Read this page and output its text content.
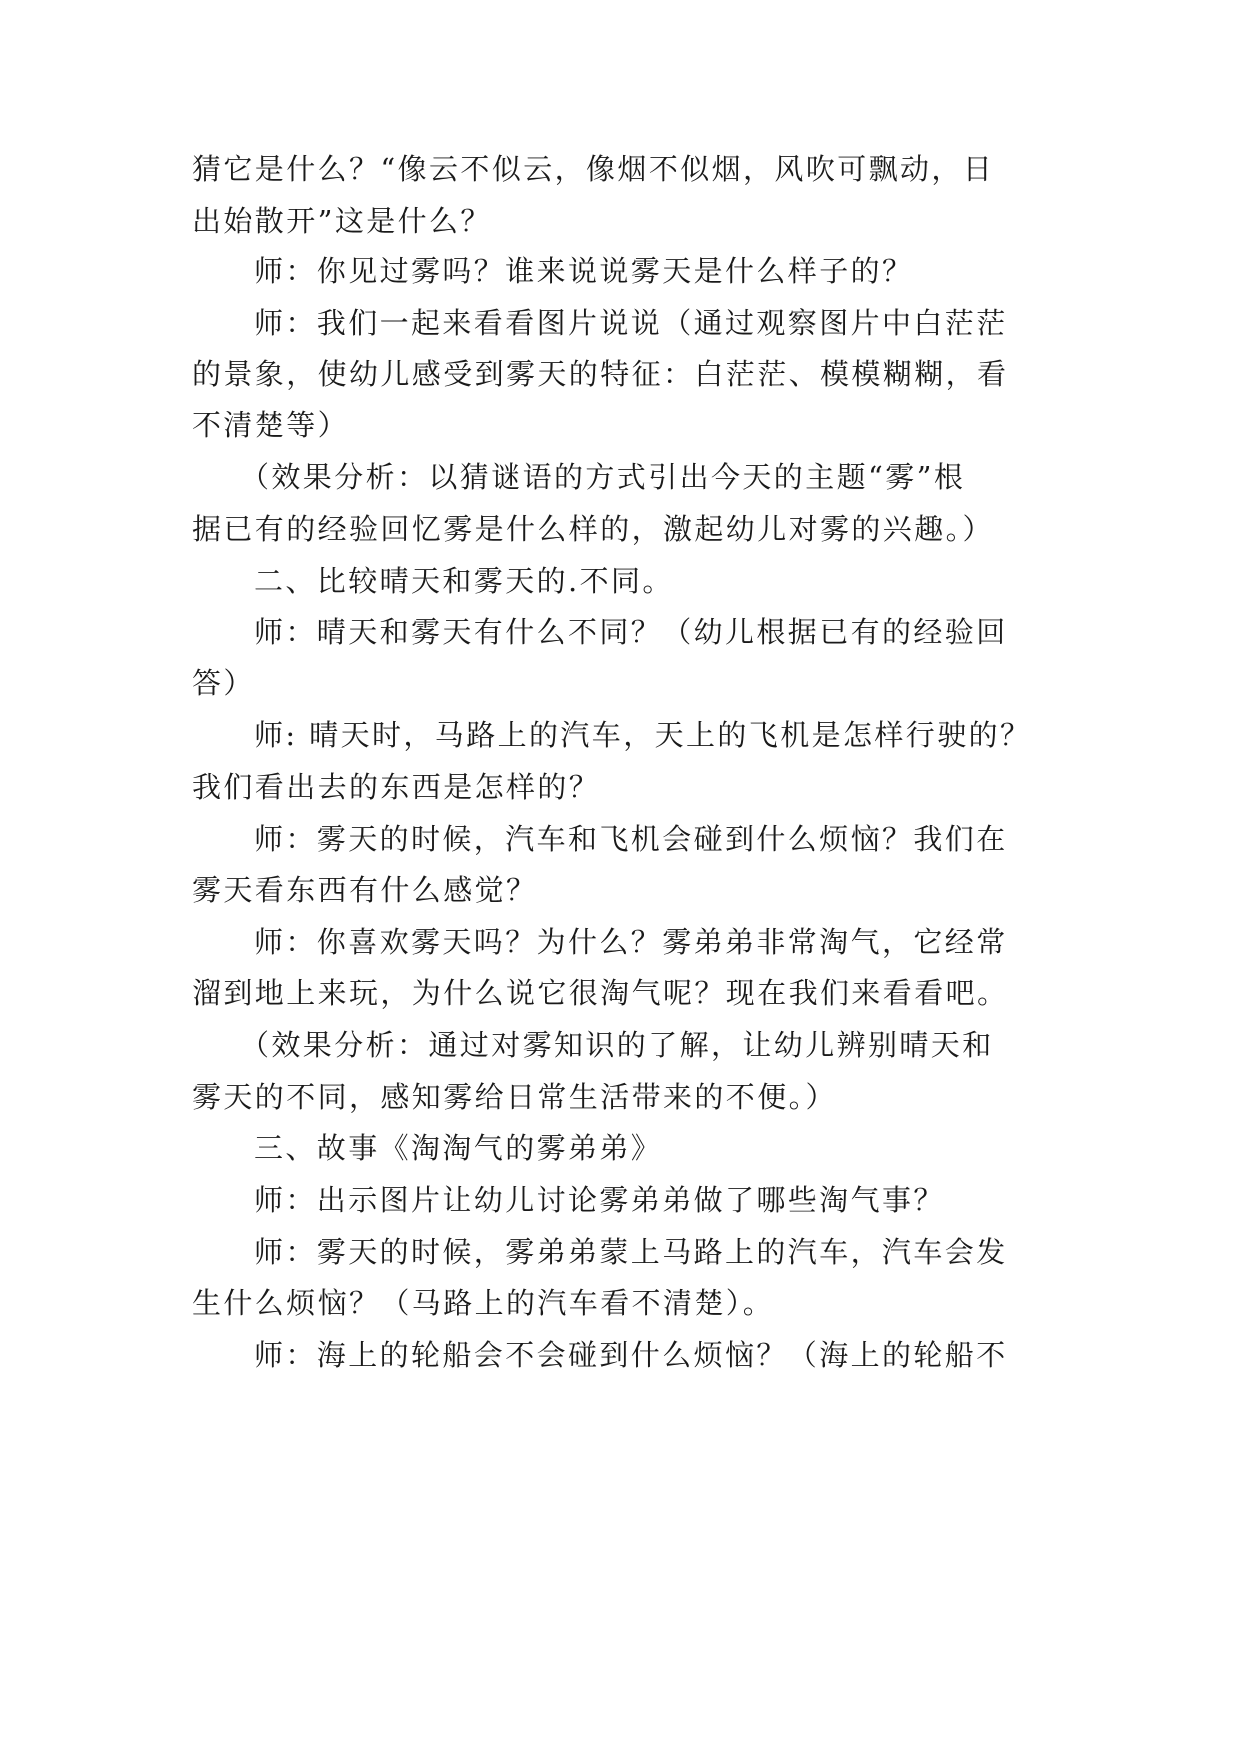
猜它是什么？“像云不似云，像烟不似烟，风吹可飘动，日
出始散开”这是什么？
师：你见过雾吗？谁来说说雾天是什么样子的？
师：我们一起来看看图片说说（通过观察图片中白茫茫
的景象，使幼儿感受到雾天的特征：白茫茫、模模糊糊，看
不清楚等）
（效果分析：以猜谜语的方式引出今天的主题“雾”根
据已有的经验回忆雾是什么样的，激起幼儿对雾的兴趣。）
二、比较晴天和雾天的.不同。
师：晴天和雾天有什么不同？（幼儿根据已有的经验回
答）
师: 晴天时，马路上的汽车，天上的飞机是怎样行驶的？
我们看出去的东西是怎样的？
师：雾天的时候，汽车和飞机会碰到什么烦恼？我们在
雾天看东西有什么感觉？
师：你喜欢雾天吗？为什么？雾弟弟非常淘气，它经常
溜到地上来玩，为什么说它很淘气呢？现在我们来看看吧。
（效果分析：通过对雾知识的了解，让幼儿辨别晴天和
雾天的不同，感知雾给日常生活带来的不便。）
三、故事《淘淘气的雾弟弟》
师：出示图片让幼儿讨论雾弟弟做了哪些淘气事？
师：雾天的时候，雾弟弟蒙上马路上的汽车，汽车会发
生什么烦恼？（马路上的汽车看不清楚）。
师：海上的轮船会不会碰到什么烦恼？（海上的轮船不
